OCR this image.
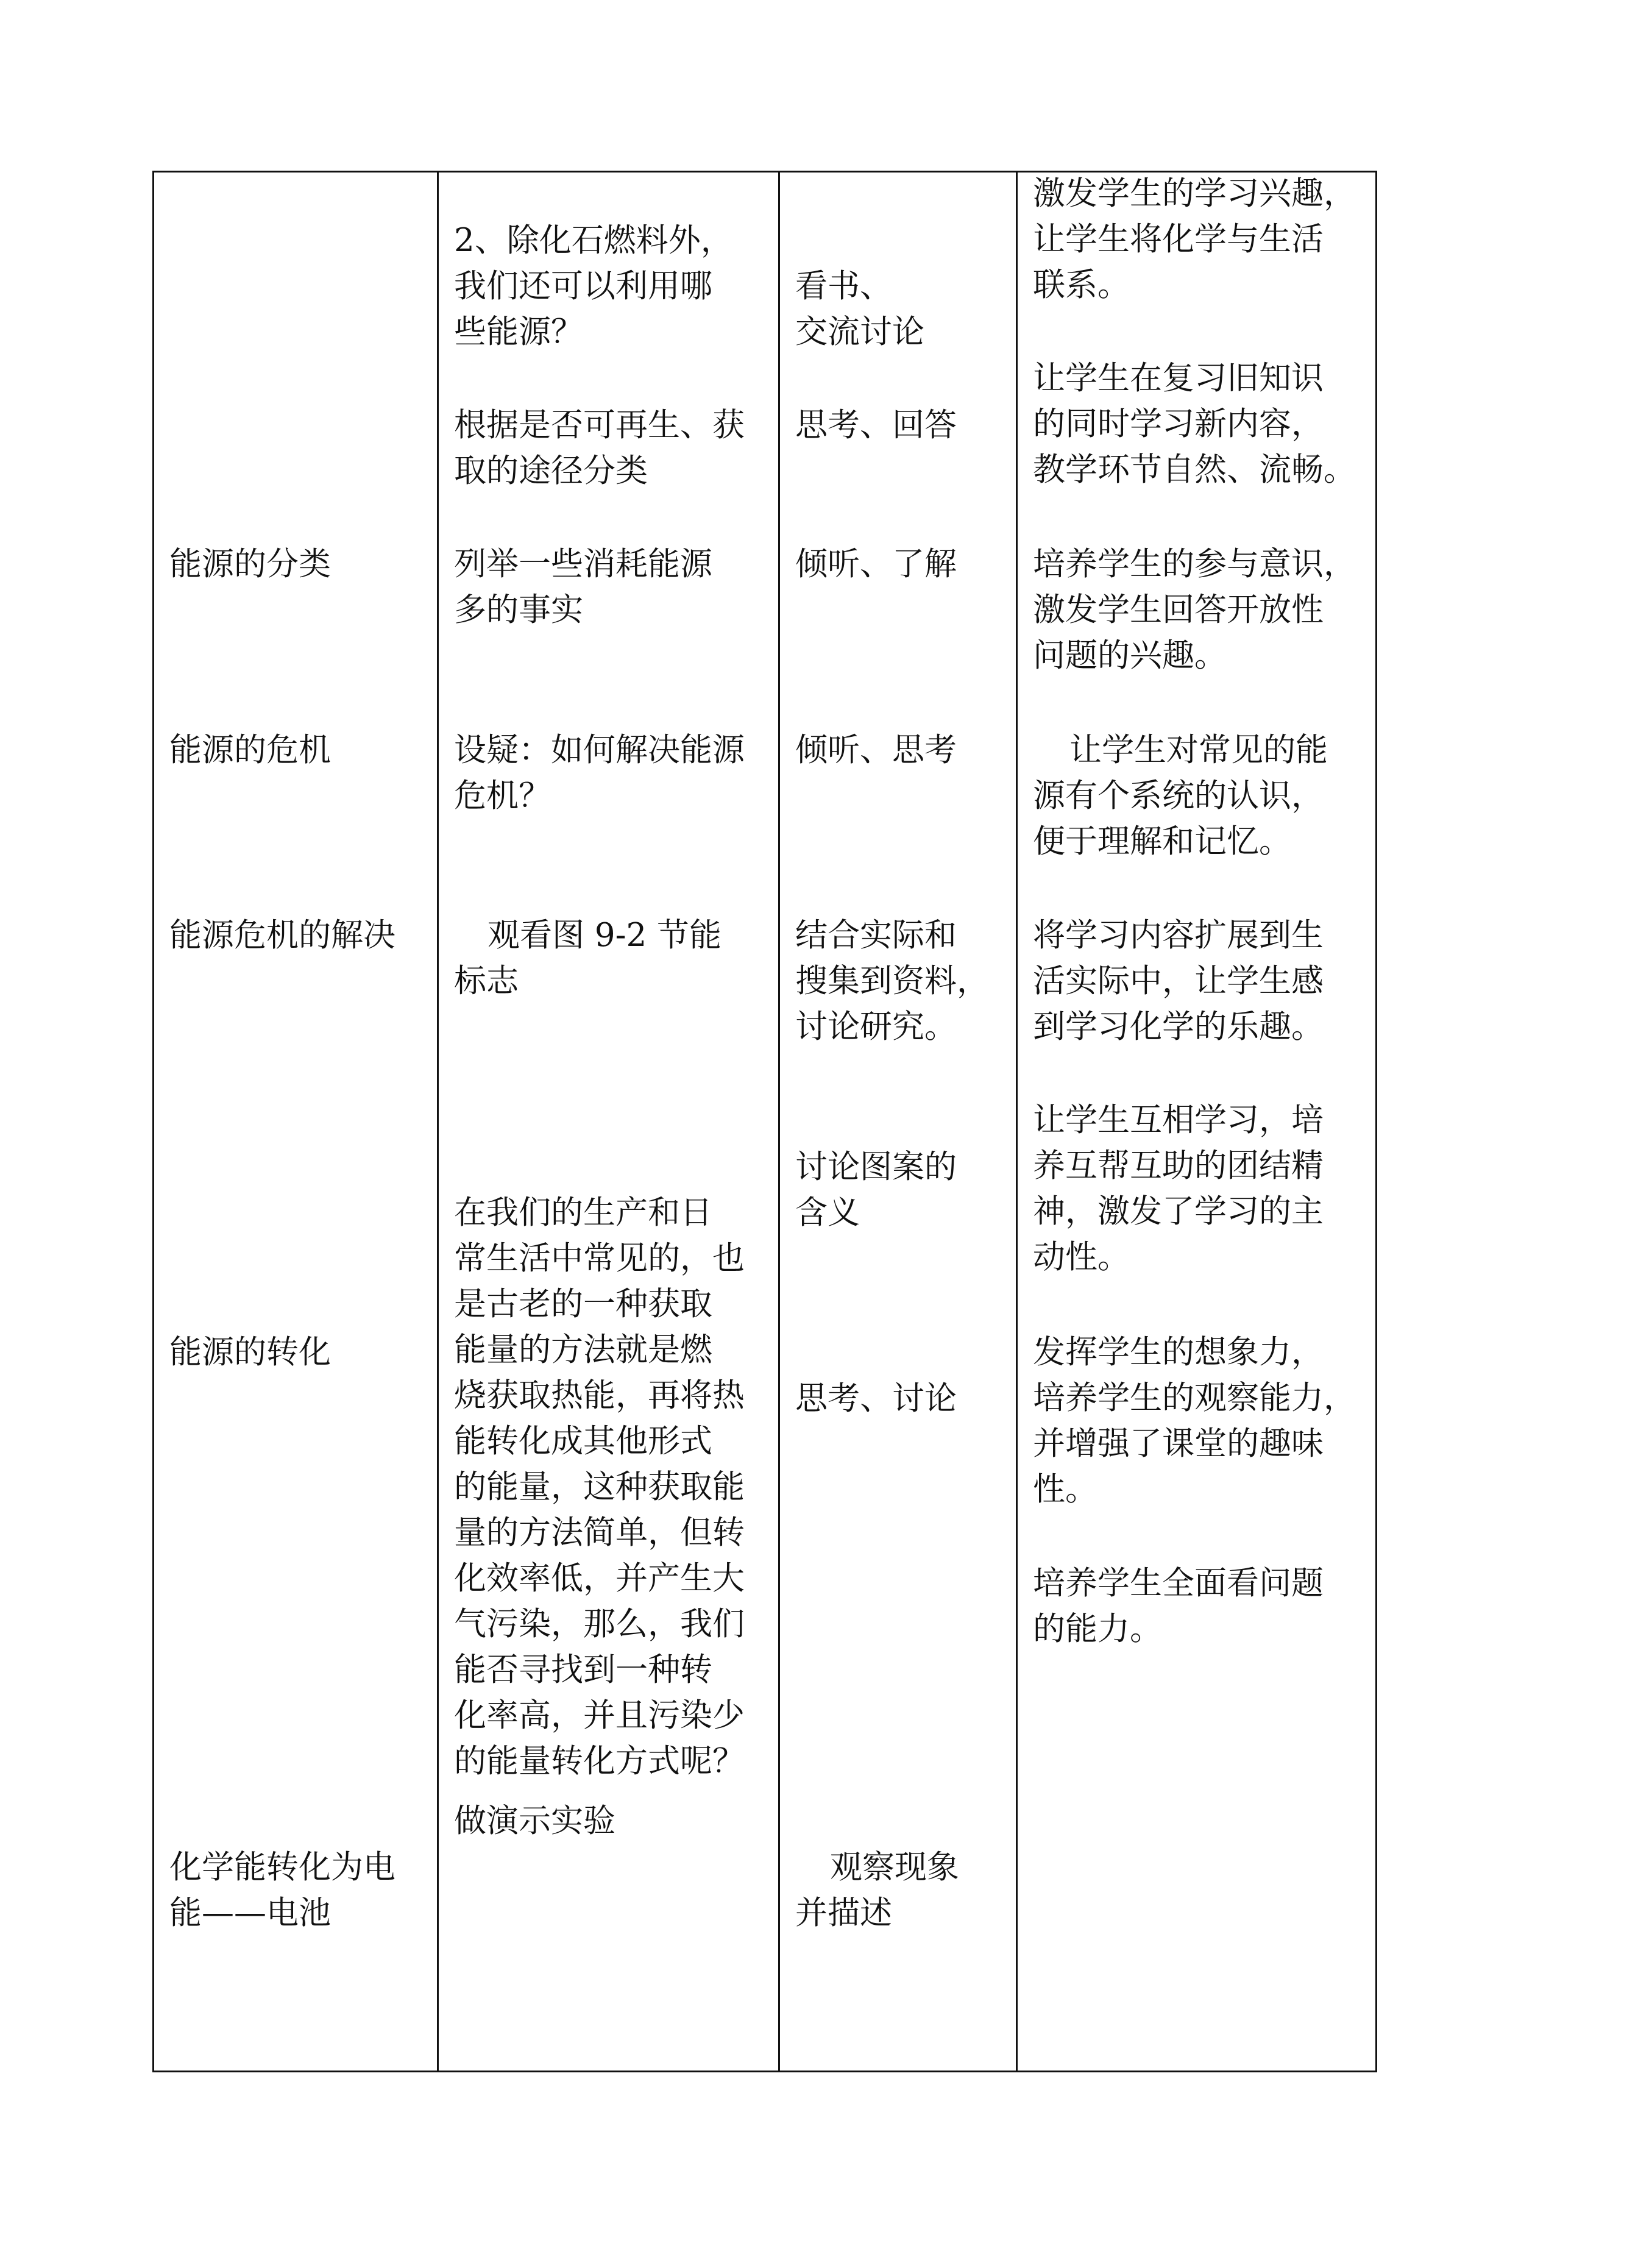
能源的分类

能源的危机

能源危机的解决

能源的转化

化学能转化为电

能——电池

2、除化石燃料外，

我们还可以利用哪

些能源？

根据是否可再生、获

取的途径分类

列举一些消耗能源

多的事实

设疑：如何解决能源

危机？

观看图 9-2 节能

标志

在我们的生产和日

常生活中常见的，也

是古老的一种获取

能量的方法就是燃

烧获取热能，再将热

能转化成其他形式

的能量，这种获取能

量的方法简单，但转

化效率低，并产生大

气污染，那么，我们

能否寻找到一种转

化率高，并且污染少

的能量转化方式呢？

做演示实验

看书、

交流讨论

思考、回答

倾听、了解

倾听、思考

结合实际和

搜集到资料，

讨论研究。

讨论图案的

含义

思考、讨论

观察现象

并描述

激发学生的学习兴趣，

让学生将化学与生活

联系。

让学生在复习旧知识

的同时学习新内容，

教学环节自然、流畅。

培养学生的参与意识，

激发学生回答开放性

问题的兴趣。

让学生对常见的能

源有个系统的认识，

便于理解和记忆。

将学习内容扩展到生

活实际中，让学生感

到学习化学的乐趣。

让学生互相学习，培

养互帮互助的团结精

神，激发了学习的主

动性。

发挥学生的想象力，

培养学生的观察能力，

并增强了课堂的趣味

性。

培养学生全面看问题

的能力。
